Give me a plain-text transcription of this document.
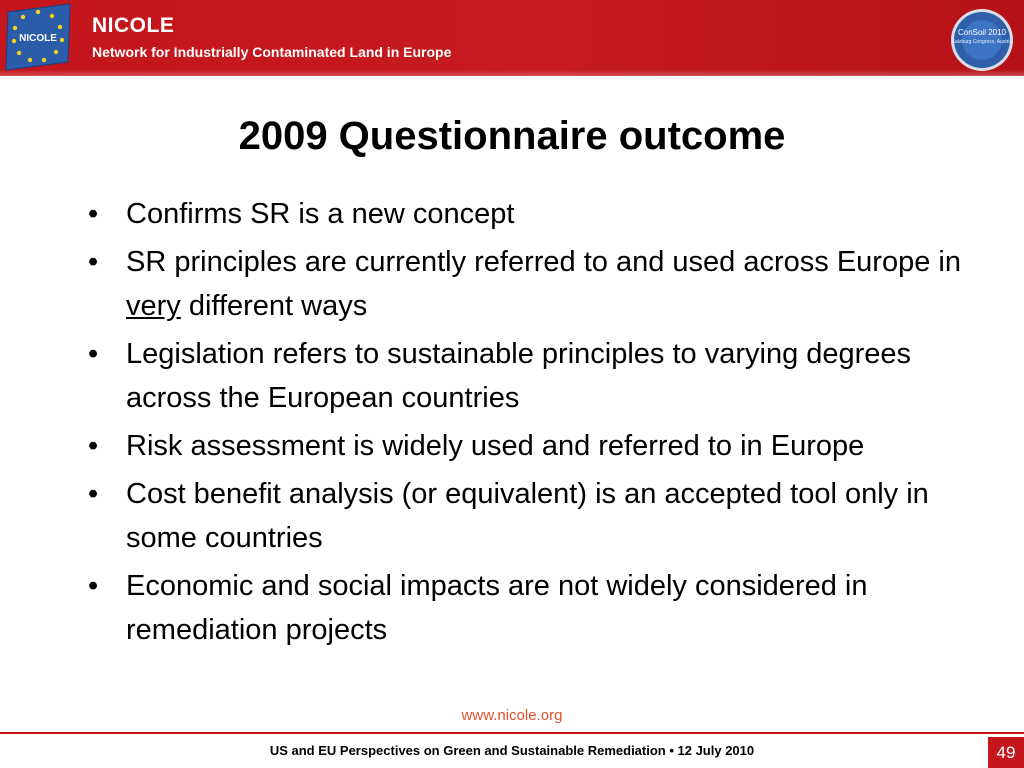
NICOLE
NICOLE
Network for Industrially Contaminated Land in Europe
ConSoil 2010
Salzburg Congress, Austria
2009 Questionnaire outcome
• Confirms SR is a new concept
• SR principles are currently referred to and used across Europe in very different ways
• Legislation refers to sustainable principles to varying degrees across the European countries
• Risk assessment is widely used and referred to in Europe
• Cost benefit analysis (or equivalent) is an accepted tool only in some countries
• Economic and social impacts are not widely considered in remediation projects
www.nicole.org
US and EU Perspectives on Green and Sustainable Remediation • 12 July 2010	49
